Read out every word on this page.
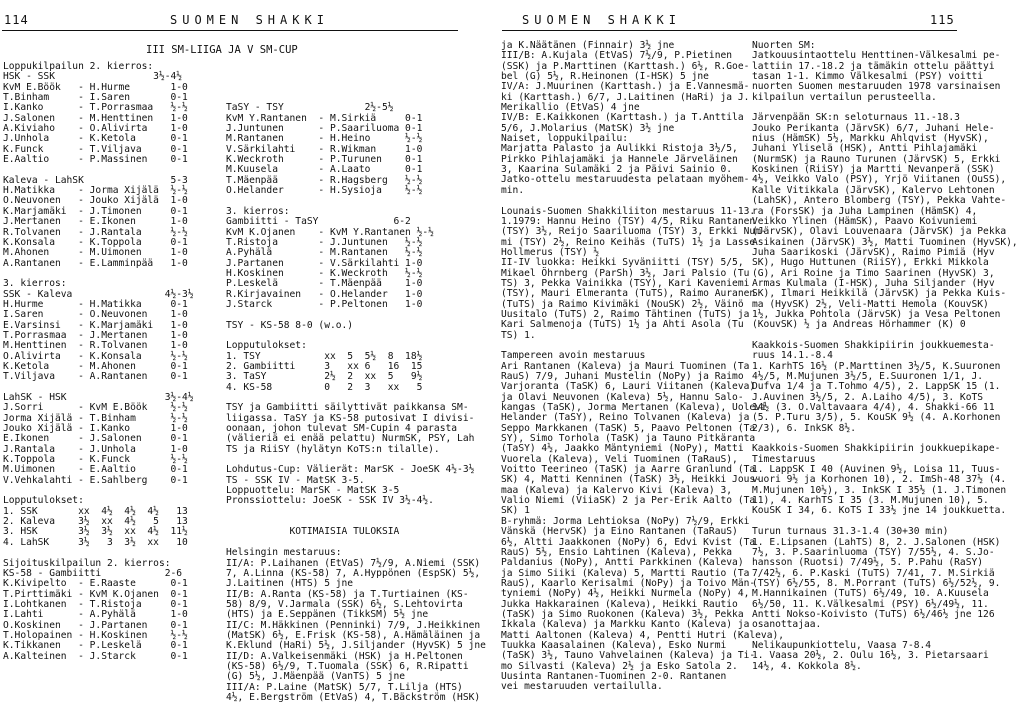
114	SUOMEN SHAKKI	SUOMEN SHAKKI	115
III SM-LIIGA JA V SM-CUP
Loppukilpailun 2. kierros:
HSK - SSK                 3½-4½
KvM E.Böök   - H.Hurme       1-0
T.Binham     - I.Saren       0-1
I.Kanko      - T.Porrasmaa   ½-½
J.Salonen    - M.Henttinen   1-0
A.Kiviaho    - O.Alivirta    1-0
J.Unhola     - K.Ketola      0-1
K.Funck      - T.Viljava     0-1
E.Aaltio     - P.Massinen    0-1
Kaleva - LahSK               5-3
H.Matikka    - Jorma Xijälä  ½-½
O.Neuvonen   - Jouko Xijälä  1-0
K.Marjamäki  - J.Timonen     0-1
J.Mertanen   - E.Ikonen      1-0
R.Tolvanen   - J.Rantala     ½-½
K.Konsala    - K.Toppola     0-1
M.Ahonen     - M.Uimonen     1-0
A.Rantanen   - E.Lamminpää   1-0
3. kierros:
SSK - Kaleva                4½-3½
H.Hurme      - H.Matikka     0-1
I.Saren      - O.Neuvonen    1-0
E.Varsinsi   - K.Marjamäki   1-0
T.Porrasmaa  - J.Mertanen    1-0
M.Henttinen  - R.Tolvanen    1-0
O.Alivirta   - K.Konsala     ½-½
K.Ketola     - M.Ahonen      0-1
T.Viljava    - A.Rantanen    0-1
LahSK - HSK                 3½-4½
J.Sorri      - KvM E.Böök    ½-½
Jorma Xijälä - T.Binham      ½-½
Jouko Xijälä - I.Kanko       1-0
E.Ikonen     - J.Salonen     0-1
J.Rantala    - J.Unhola      1-0
K.Toppola    - K.Funck       ½-½
M.Uimonen    - E.Aaltio      0-1
V.Vehkalahti - E.Sahlberg    0-1
Lopputulokset:
1. SSK       xx  4½  4½  4½   13
2. Kaleva    3½  xx  4½   5   13
3. HSK       3½  3½  xx  4½  11½
4. LahSK     3½   3  3½  xx   10
Sijoituskilpailun 2. kierros:
KS-58 - Gambiitti           2-6
K.Kivipelto  - E.Raaste      0-1
T.Pirttimäki - KvM K.Ojanen  0-1
I.Lohtkanen  - T.Ristoja     0-1
I.Lahti      - A.Pyhälä      1-0
O.Koskinen   - J.Partanen    0-1
T.Holopainen - H.Koskinen    ½-½
K.Tikkanen   - P.Leskelä     0-1
A.Kalteinen  - J.Starck      0-1
TaSY - TSY              2½-5½
KvM Y.Rantanen  - M.Sirkiä     0-1
J.Juntunen      - P.Saariluoma 0-1
M.Rantanen      - H.Heino      ½-½
V.Särkilahti    - R.Wikman     1-0
K.Weckroth      - P.Turunen    0-1
M.Kuusela       - A.Laato      0-1
T.Mäenpää       - R.Hagsberg   ½-½
O.Helander      - H.Sysioja    ½-½
3. kierros:
Gambiitti - TaSY             6-2
KvM K.Ojanen    - KvM Y.Rantanen ½-½
T.Ristoja       - J.Juntunen   ½-½
A.Pyhälä        - M.Rantanen   ½-½
J.Partanen      - V.Särkilahti 1-0
H.Koskinen      - K.Weckroth   ½-½
P.Leskelä       - T.Mäenpää    1-0
R.Kirjavainen   - O.Helander   1-0
J.Starck        - P.Peltonen   1-0
TSY - KS-58 8-0 (w.o.)
Lopputulokset:
1. TSY           xx  5  5½  8  18½
2. Gambiitti     3   xx 6   16  15
3. TaSY          2½  2  xx  5   9½
4. KS-58         0   2  3   xx   5
TSY ja Gambiitti säilyttivät paikkansa SM-
liigassa. TaSY ja KS-58 putosivat I divisi-
oonaan, johon tulevat SM-Cupin 4 parasta
(välieriä ei enää pelattu) NurmSK, PSY, Lah
TS ja RiiSY (hylätyn KoTS:n tilalle).
Lohdutus-Cup: Välierät: MarSK - JoeSK 4½-3½
TS - SSK IV - MatSK 3-5.
Loppuottelu: MarSK - MatSK 3-5
Pronssiottelu: JoeSK - SSK IV 3½-4½.
KOTIMAISIA TULOKSIA
Helsingin mestaruus:
II/A: P.Laihanen (EtVaS) 7½/9, A.Niemi (SSK)
7, A.Linna (KS-58) 7, A.Hyppönen (EspSK) 5½,
J.Laitinen (HTS) 5 jne
II/B: A.Ranta (KS-58) ja T.Turtiainen (KS-
58) 8/9, V.Jarmala (SSK) 6½, S.Lehtovirta
(HTS) ja E.Seppänen (TikkSM) 5½ jne
II/C: M.Häkkinen (Penninki) 7/9, J.Heikkinen
(MatSK) 6½, E.Frisk (KS-58), A.Hämäläinen ja
K.Eklund (HaRi) 5½, J.Siljander (HyvSK) 5 jne
II/D: A.Valkeisenmäki (HSK) ja H.Peltonen
(KS-58) 6½/9, T.Tuomala (SSK) 6, R.Ripatti
(G) 5½, J.Mäenpää (VanTS) 5 jne
III/A: P.Laine (MatSK) 5/7, T.Lilja (HTS)
4½, E.Bergström (EtVaS) 4, T.Bäckström (HSK)
ja K.Näätänen (Finnair) 3½ jne
III/B: A.Kujala (EtVaS) 7½/9, P.Pietinen
(SSK) ja P.Marttinen (Karttash.) 6½, R.Goe-
bel (G) 5½, R.Heinonen (I-HSK) 5 jne
IV/A: J.Muurinen (Karttash.) ja E.Vannesmä-
ki (Karttash.) 6/7, J.Laitinen (HaRi) ja J.
Merikallio (EtVaS) 4 jne
IV/B: E.Kaikkonen (Karttash.) ja T.Anttila
5/6, J.Molarius (MatSK) 3½ jne
Naiset, loppukilpailu:
Marjatta Palasto ja Aulikki Ristoja 3½/5,
Pirkko Pihlajamäki ja Hannele Järveläinen
3, Kaarina Sulamäki 2 ja Päivi Sainio 0.
Jatko-ottelu mestaruudesta pelataan myöhem-
min.
Lounais-Suomen Shakkiliiton mestaruus 11-13.
1.1979: Hannu Heino (TSY) 4/5, Riku Rantanen
(TSY) 3½, Reijo Saariluoma (TSY) 3, Erkki Num-
mi (TSY) 2½, Reino Keihäs (TuTS) 1½ ja Lasse
Hollmerus (TSY) ½
II-IV luokka: Heikki Syväniitti (TSY) 5/5,
Mikael Öhrnberg (ParSh) 3½, Jari Palsio (Tu
TS) 3, Pekka Vainikka (TSY), Kari Kaveniemi
(TSY), Mauri Elmeranta (TuTS), Raimo Auranen
(TuTS) ja Raimo Kivimäki (NouSK) 2½, Väinö
Uusitalo (TuTS) 2, Raimo Tähtinen (TuTS) ja
Kari Salmenoja (TuTS) 1½ ja Ahti Asola (Tu
TS) 1.
Tampereen avoin mestaruus
Ari Rantanen (Kaleva) ja Mauri Tuominen (Ta
RauS) 7/9, Juhani Mustelin (NoPy) ja Raimo
Varjoranta (TaSK) 6, Lauri Viitanen (Kaleva)
ja Olavi Neuvonen (Kaleva) 5½, Hannu Salo-
kangas (TaSK), Jorma Mertanen (Kaleva), Uolevi
Helander (TaSY), Reino Tolvanen (Kaleva) ja
Seppo Markkanen (TaSK) 5, Paavo Peltonen (Ta
SY), Simo Torhola (TaSK) ja Tauno Pitkäranta
(TaSY) 4½, Jaakko Mäntyniemi (NoPy), Matti
Vuorela (Kaleva), Veli Tuominen (TaRauS),
Voitto Teerineo (TaSK) ja Aarre Granlund (Ta
SK) 4, Matti Kenninen (TaSK) 3½, Heikki Jous-
maa (Kaleva) ja Kalervo Kivi (Kaleva) 3,
Valio Niemi (ViiaSK) 2 ja Per-Erik Aalto (Ta
SK) 1
B-ryhmä: Jorma Lehtioksa (NoPy) 7½/9, Erkki
Vänskä (HervSK) ja Eino Rantanen (TaRauS)
6½, Altti Jaakkonen (NoPy) 6, Edvi Kvist (Ta
RauS) 5½, Ensio Lahtinen (Kaleva), Pekka
Paldanius (NoPy), Antti Parkkinen (Kaleva)
ja Simo Siiki (Kaleva) 5, Martti Rautio (Ta
RauS), Kaarlo Kerisalmi (NoPy) ja Toivo Män-
tyniemi (NoPy) 4½, Heikki Nurmela (NoPy) 4,
Jukka Hakkarainen (Kaleva), Heikki Rautio
(TaSK) ja Simo Ruokonen (Kaleva) 3½, Pekka
Ikkala (Kaleva) ja Markku Kanto (Kaleva) ja
Matti Aaltonen (Kaleva) 4, Pentti Hutri (Kaleva),
Tuukka Kaasalainen (Kaleva), Esko Nurmi
(TaSK) 3½, Tauno Vahvelainen (Kaleva) ja Ti-
mo Silvasti (Kaleva) 2½ ja Esko Satola 2.
Uusinta Rantanen-Tuominen 2-0. Rantanen
vei mestaruuden vertailulla.
Nuorten SM:
Jatkouusintaottelu Henttinen-Välkesalmi pe-
lattiin 17.-18.2 ja tämäkin ottelu päättyi
tasan 1-1. Kimmo Välkesalmi (PSY) voitti
nuorten Suomen mestaruuden 1978 varsinaisen
kilpailun vertailun perusteella.
Järvenpään SK:n seloturnaus 11.-18.3
Jouko Perikanta (JärvSK) 6/7, Juhani Hele-
nius (HämSK) 5½, Markku Ahlqvist (HyvSK),
Juhani Yliselä (HSK), Antti Pihlajamäki
(NurmSK) ja Rauno Turunen (JärvSK) 5, Erkki
Koskinen (RiiSY) ja Martti Nevanperä (SSK)
4½, Veikko Valo (PSY), Yrjö Viitanen (OuSS),
Kalle Vitikkala (JärvSK), Kalervo Lehtonen
(LahSK), Antero Blomberg (TSY), Pekka Vahte-
ra (ForsSK) ja Juha Lampinen (HämSK) 4,
Veikko Ylinen (HämSK), Paavo Koivuniemi
(JärvSK), Olavi Louvenaara (JärvSK) ja Pekka
Asikainen (JärvSK) 3½, Matti Tuominen (HyvSK),
Juha Saarikoski (JärvSK), Raimo Pimiä (Hyv
SK), Hugo Huttunen (RiiSY), Erkki Mikkola
(G), Ari Roine ja Timo Saarinen (HyvSK) 3,
Armas Kulmala (I-HSK), Juha Siljander (Hyv
SK), Ilmari Heikkilä (JärvSK) ja Pekka Kuis-
ma (HyvSK) 2½, Veli-Matti Hemola (KouvSK)
1½, Jukka Pohtola (JärvSK) ja Vesa Peltonen
(KouvSK) ½ ja Andreas Hörhammer (K) 0
Kaakkois-Suomen Shakkipiirin joukkuemesta-
ruus 14.1.-8.4
1. KarhTS 16½ (P.Marttinen 3½/5, K.Suuronen
4½/5, M.Mujunen 3½/5, E.Suuronen 1/1, J.
Dufva 1/4 ja T.Tohmo 4/5), 2. LappSK 15 (1.
J.Auvinen 3½/5, 2. A.Laiho 4/5), 3. KoTS
14½ (3. O.Valtavaara 4/4), 4. Shakki-66 11
(5. P.Turu 3/5), 5. KouSK 9½ (4. A.Korhonen
2/3), 6. InkSK 8½.
Kaakkois-Suomen Shakkipiirin joukkuepikape-
Timestaruus
1. LappSK I 40 (Auvinen 9½, Loisa 11, Tuus-
vuori 9½ ja Korhonen 10), 2. ImSh-48 37½ (4.
M.Mujunen 10½), 3. InkSK I 35½ (1. J.Timonen
11), 4. KarhTS I 35 (3. M.Mujunen 10), 5.
KouSK I 34, 6. KoTS I 33½ jne 14 joukkuetta.
Turun turnaus 31.3-1.4 (30+30 min)
1. E.Lipsanen (LahTS) 8, 2. J.Salonen (HSK)
7½, 3. P.Saarinluoma (TSY) 7/55½, 4. S.Jo-
hansson (Ruotsi) 7/49½, 5. P.Pahu (RaSY)
7/42½, 6. P.Kaski (TuTS) 7/41, 7. M.Sirkiä
(TSY) 6½/55, 8. M.Porrant (TuTS) 6½/52½, 9.
M.Hannikainen (TuTS) 6½/49, 10. A.Kuusela
6½/50, 11. K.Välkesalmi (PSY) 6½/49½, 11.
Antti Nokso-Koivisto (TuTS) 6½/46½ jne 126
osanottajaa.
Nelikaupunkiottelu, Vaasa 7-8.4
1. Vaasa 20½, 2. Oulu 16½, 3. Pietarsaari
14½, 4. Kokkola 8½.
